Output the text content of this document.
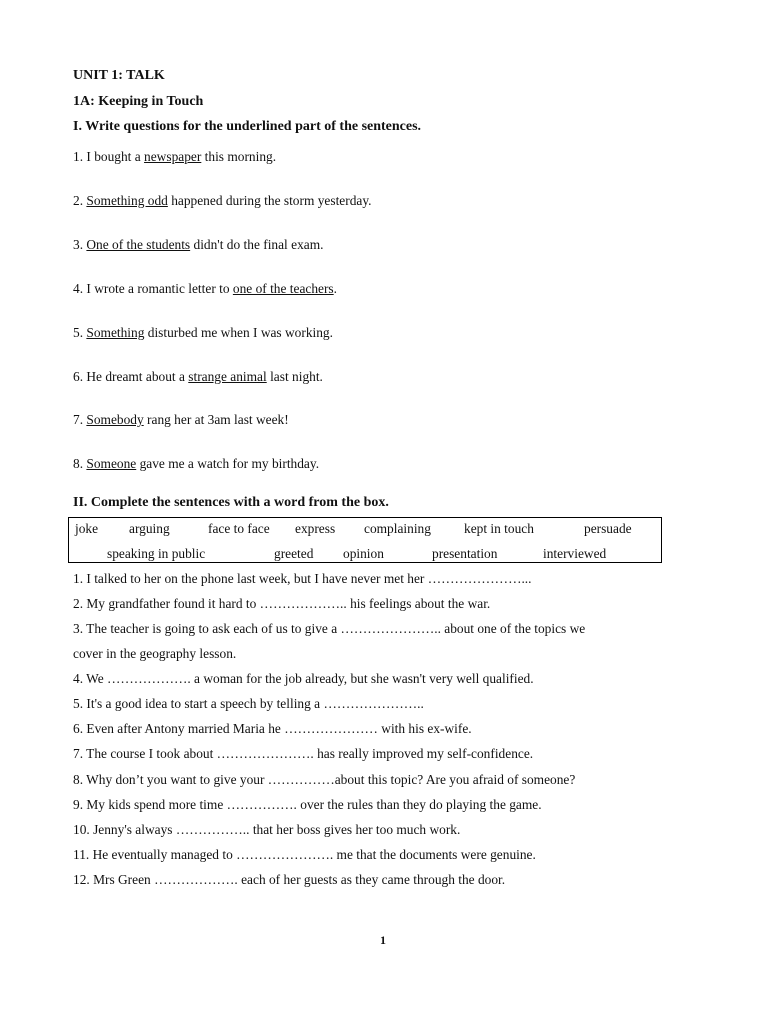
UNIT 1: TALK
1A: Keeping in Touch
I. Write questions for the underlined part of the sentences.
1. I bought a newspaper this morning.
2. Something odd happened during the storm yesterday.
3. One of the students didn't do the final exam.
4. I wrote a romantic letter to one of the teachers.
5. Something disturbed me when I was working.
6. He dreamt about a strange animal last night.
7. Somebody rang her at 3am last week!
8. Someone gave me a watch for my birthday.
II. Complete the sentences with a word from the box.
joke arguing	face to face express complaining kept in touch	persuade
speaking in public	greeted opinion	presentation	interviewed
1. I talked to her on the phone last week, but I have never met her …………………...
2. My grandfather found it hard to ……………….. his feelings about the war.
3. The teacher is going to ask each of us to give a ………………….. about one of the topics we
cover in the geography lesson.
4. We ………………. a woman for the job already, but she wasn't very well qualified.
5. It's a good idea to start a speech by telling a …………………..
6. Even after Antony married Maria he ………………… with his ex-wife.
7. The course I took about …………………. has really improved my self-confidence.
8. Why don’t you want to give your ……………about this topic? Are you afraid of someone?
9. My kids spend more time ……………. over the rules than they do playing the game.
10. Jenny's always …………….. that her boss gives her too much work.
11. He eventually managed to …………………. me that the documents were genuine.
12. Mrs Green ………………. each of her guests as they came through the door.
1
